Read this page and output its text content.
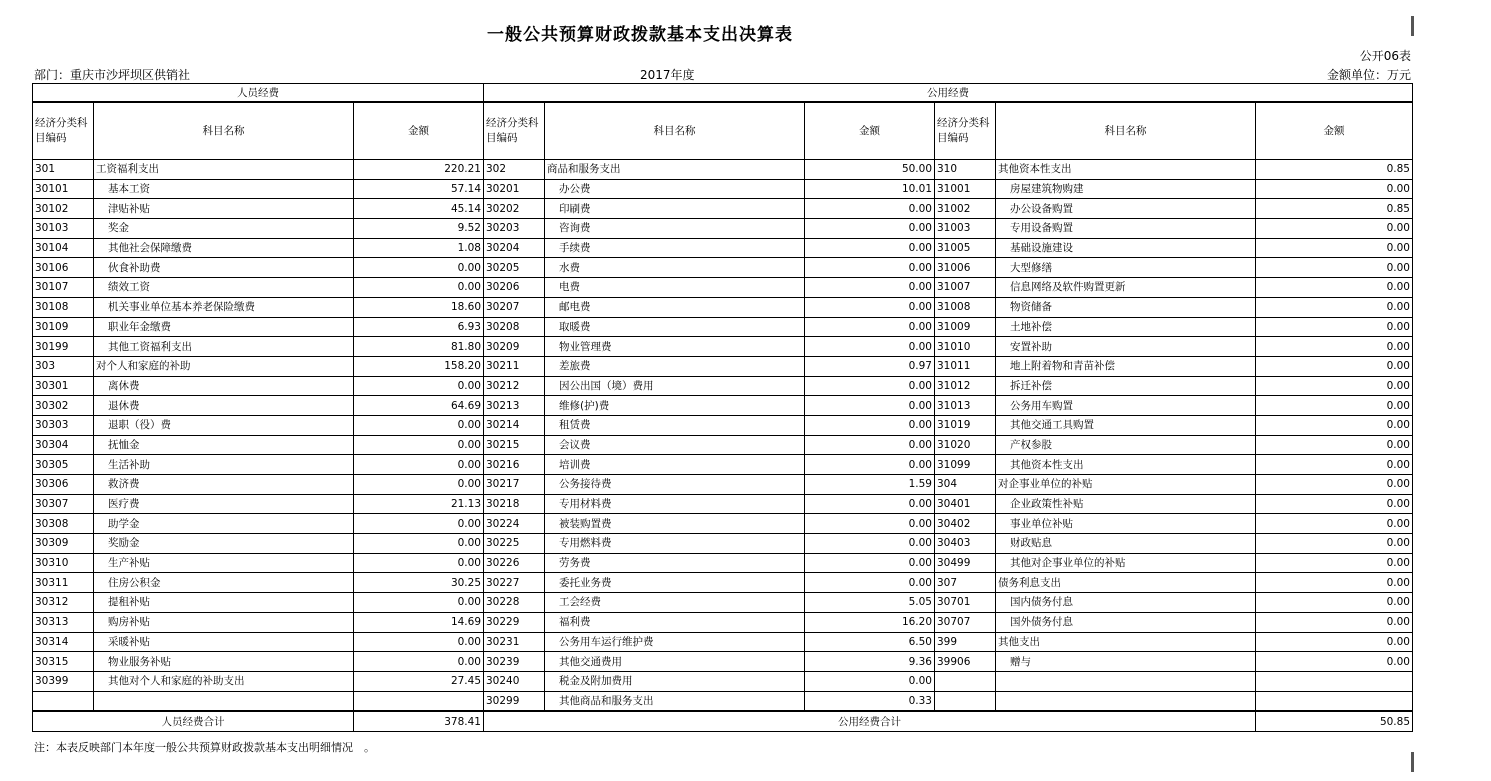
一般公共预算财政拨款基本支出决算表
公开06表
部门：重庆市沙坪坝区供销社	2017年度	金额单位：万元
人员经费			公用经费					
经济分类科目编码	科目名称	金额	经济分类科目编码	科目名称	金额	经济分类科目编码	科目名称	金额
301	工资福利支出	220.21	302	商品和服务支出	50.00	310	其他资本性支出	0.85
30101	基本工资	57.14	30201	办公费	10.01	31001	房屋建筑物购建	0.00
30102	津贴补贴	45.14	30202	印刷费	0.00	31002	办公设备购置	0.85
30103	奖金	9.52	30203	咨询费	0.00	31003	专用设备购置	0.00
30104	其他社会保障缴费	1.08	30204	手续费	0.00	31005	基础设施建设	0.00
30106	伙食补助费	0.00	30205	水费	0.00	31006	大型修缮	0.00
30107	绩效工资	0.00	30206	电费	0.00	31007	信息网络及软件购置更新	0.00
30108	机关事业单位基本养老保险缴费	18.60	30207	邮电费	0.00	31008	物资储备	0.00
30109	职业年金缴费	6.93	30208	取暖费	0.00	31009	土地补偿	0.00
30199	其他工资福利支出	81.80	30209	物业管理费	0.00	31010	安置补助	0.00
303	对个人和家庭的补助	158.20	30211	差旅费	0.97	31011	地上附着物和青苗补偿	0.00
30301	离休费	0.00	30212	因公出国（境）费用	0.00	31012	拆迁补偿	0.00
30302	退休费	64.69	30213	维修(护)费	0.00	31013	公务用车购置	0.00
30303	退职（役）费	0.00	30214	租赁费	0.00	31019	其他交通工具购置	0.00
30304	抚恤金	0.00	30215	会议费	0.00	31020	产权参股	0.00
30305	生活补助	0.00	30216	培训费	0.00	31099	其他资本性支出	0.00
30306	救济费	0.00	30217	公务接待费	1.59	304	对企事业单位的补贴	0.00
30307	医疗费	21.13	30218	专用材料费	0.00	30401	企业政策性补贴	0.00
30308	助学金	0.00	30224	被装购置费	0.00	30402	事业单位补贴	0.00
30309	奖励金	0.00	30225	专用燃料费	0.00	30403	财政贴息	0.00
30310	生产补贴	0.00	30226	劳务费	0.00	30499	其他对企事业单位的补贴	0.00
30311	住房公积金	30.25	30227	委托业务费	0.00	307	债务利息支出	0.00
30312	提租补贴	0.00	30228	工会经费	5.05	30701	国内债务付息	0.00
30313	购房补贴	14.69	30229	福利费	16.20	30707	国外债务付息	0.00
30314	采暖补贴	0.00	30231	公务用车运行维护费	6.50	399	其他支出	0.00
30315	物业服务补贴	0.00	30239	其他交通费用	9.36	39906	赠与	0.00
30399	其他对个人和家庭的补助支出	27.45	30240	税金及附加费用	0.00			
			30299	其他商品和服务支出	0.33			
人员经费合计		378.41	公用经费合计					50.85
注：本表反映部门本年度一般公共预算财政拨款基本支出明细情况　。
